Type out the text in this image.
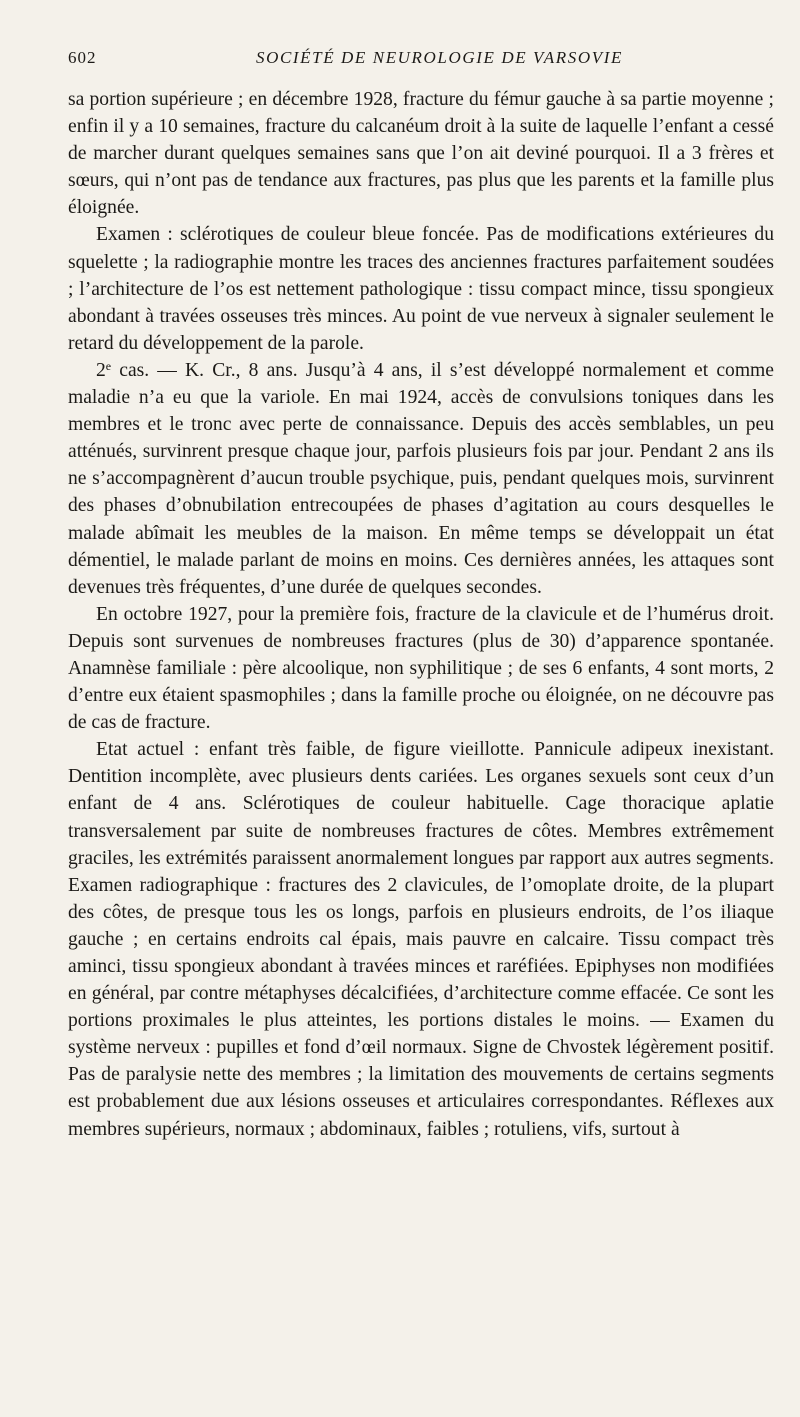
602	SOCIÉTÉ DE NEUROLOGIE DE VARSOVIE

sa portion supérieure ; en décembre 1928, fracture du fémur gauche à sa partie moyenne ; enfin il y a 10 semaines, fracture du calcanéum droit à la suite de laquelle l’enfant a cessé de marcher durant quelques semaines sans que l’on ait deviné pourquoi. Il a 3 frères et sœurs, qui n’ont pas de tendance aux fractures, pas plus que les parents et la famille plus éloignée.

Examen : sclérotiques de couleur bleue foncée. Pas de modifications extérieures du squelette ; la radiographie montre les traces des anciennes fractures parfaitement soudées ; l’architecture de l’os est nettement pathologique : tissu compact mince, tissu spongieux abondant à travées osseuses très minces. Au point de vue nerveux à signaler seulement le retard du développement de la parole.

2e cas. — K. Cr., 8 ans. Jusqu’à 4 ans, il s’est développé normalement et comme maladie n’a eu que la variole. En mai 1924, accès de convulsions toniques dans les membres et le tronc avec perte de connaissance. Depuis des accès semblables, un peu atténués, survinrent presque chaque jour, parfois plusieurs fois par jour. Pendant 2 ans ils ne s’accompagnèrent d’aucun trouble psychique, puis, pendant quelques mois, survinrent des phases d’obnubilation entrecoupées de phases d’agitation au cours desquelles le malade abîmait les meubles de la maison. En même temps se développait un état démentiel, le malade parlant de moins en moins. Ces dernières années, les attaques sont devenues très fréquentes, d’une durée de quelques secondes.

En octobre 1927, pour la première fois, fracture de la clavicule et de l’humérus droit. Depuis sont survenues de nombreuses fractures (plus de 30) d’apparence spontanée. Anamnèse familiale : père alcoolique, non syphilitique ; de ses 6 enfants, 4 sont morts, 2 d’entre eux étaient spasmophiles ; dans la famille proche ou éloignée, on ne découvre pas de cas de fracture.

Etat actuel : enfant très faible, de figure vieillotte. Pannicule adipeux inexistant. Dentition incomplète, avec plusieurs dents cariées. Les organes sexuels sont ceux d’un enfant de 4 ans. Sclérotiques de couleur habituelle. Cage thoracique aplatie transversalement par suite de nombreuses fractures de côtes. Membres extrêmement graciles, les extrémités paraissent anormalement longues par rapport aux autres segments. Examen radiographique : fractures des 2 clavicules, de l’omoplate droite, de la plupart des côtes, de presque tous les os longs, parfois en plusieurs endroits, de l’os iliaque gauche ; en certains endroits cal épais, mais pauvre en calcaire. Tissu compact très aminci, tissu spongieux abondant à travées minces et raréfiées. Epiphyses non modifiées en général, par contre métaphyses décalcifiées, d’architecture comme effacée. Ce sont les portions proximales le plus atteintes, les portions distales le moins. — Examen du système nerveux : pupilles et fond d’œil normaux. Signe de Chvostek légèrement positif. Pas de paralysie nette des membres ; la limitation des mouvements de certains segments est probablement due aux lésions osseuses et articulaires correspondantes. Réflexes aux membres supérieurs, normaux ; abdominaux, faibles ; rotuliens, vifs, surtout à
